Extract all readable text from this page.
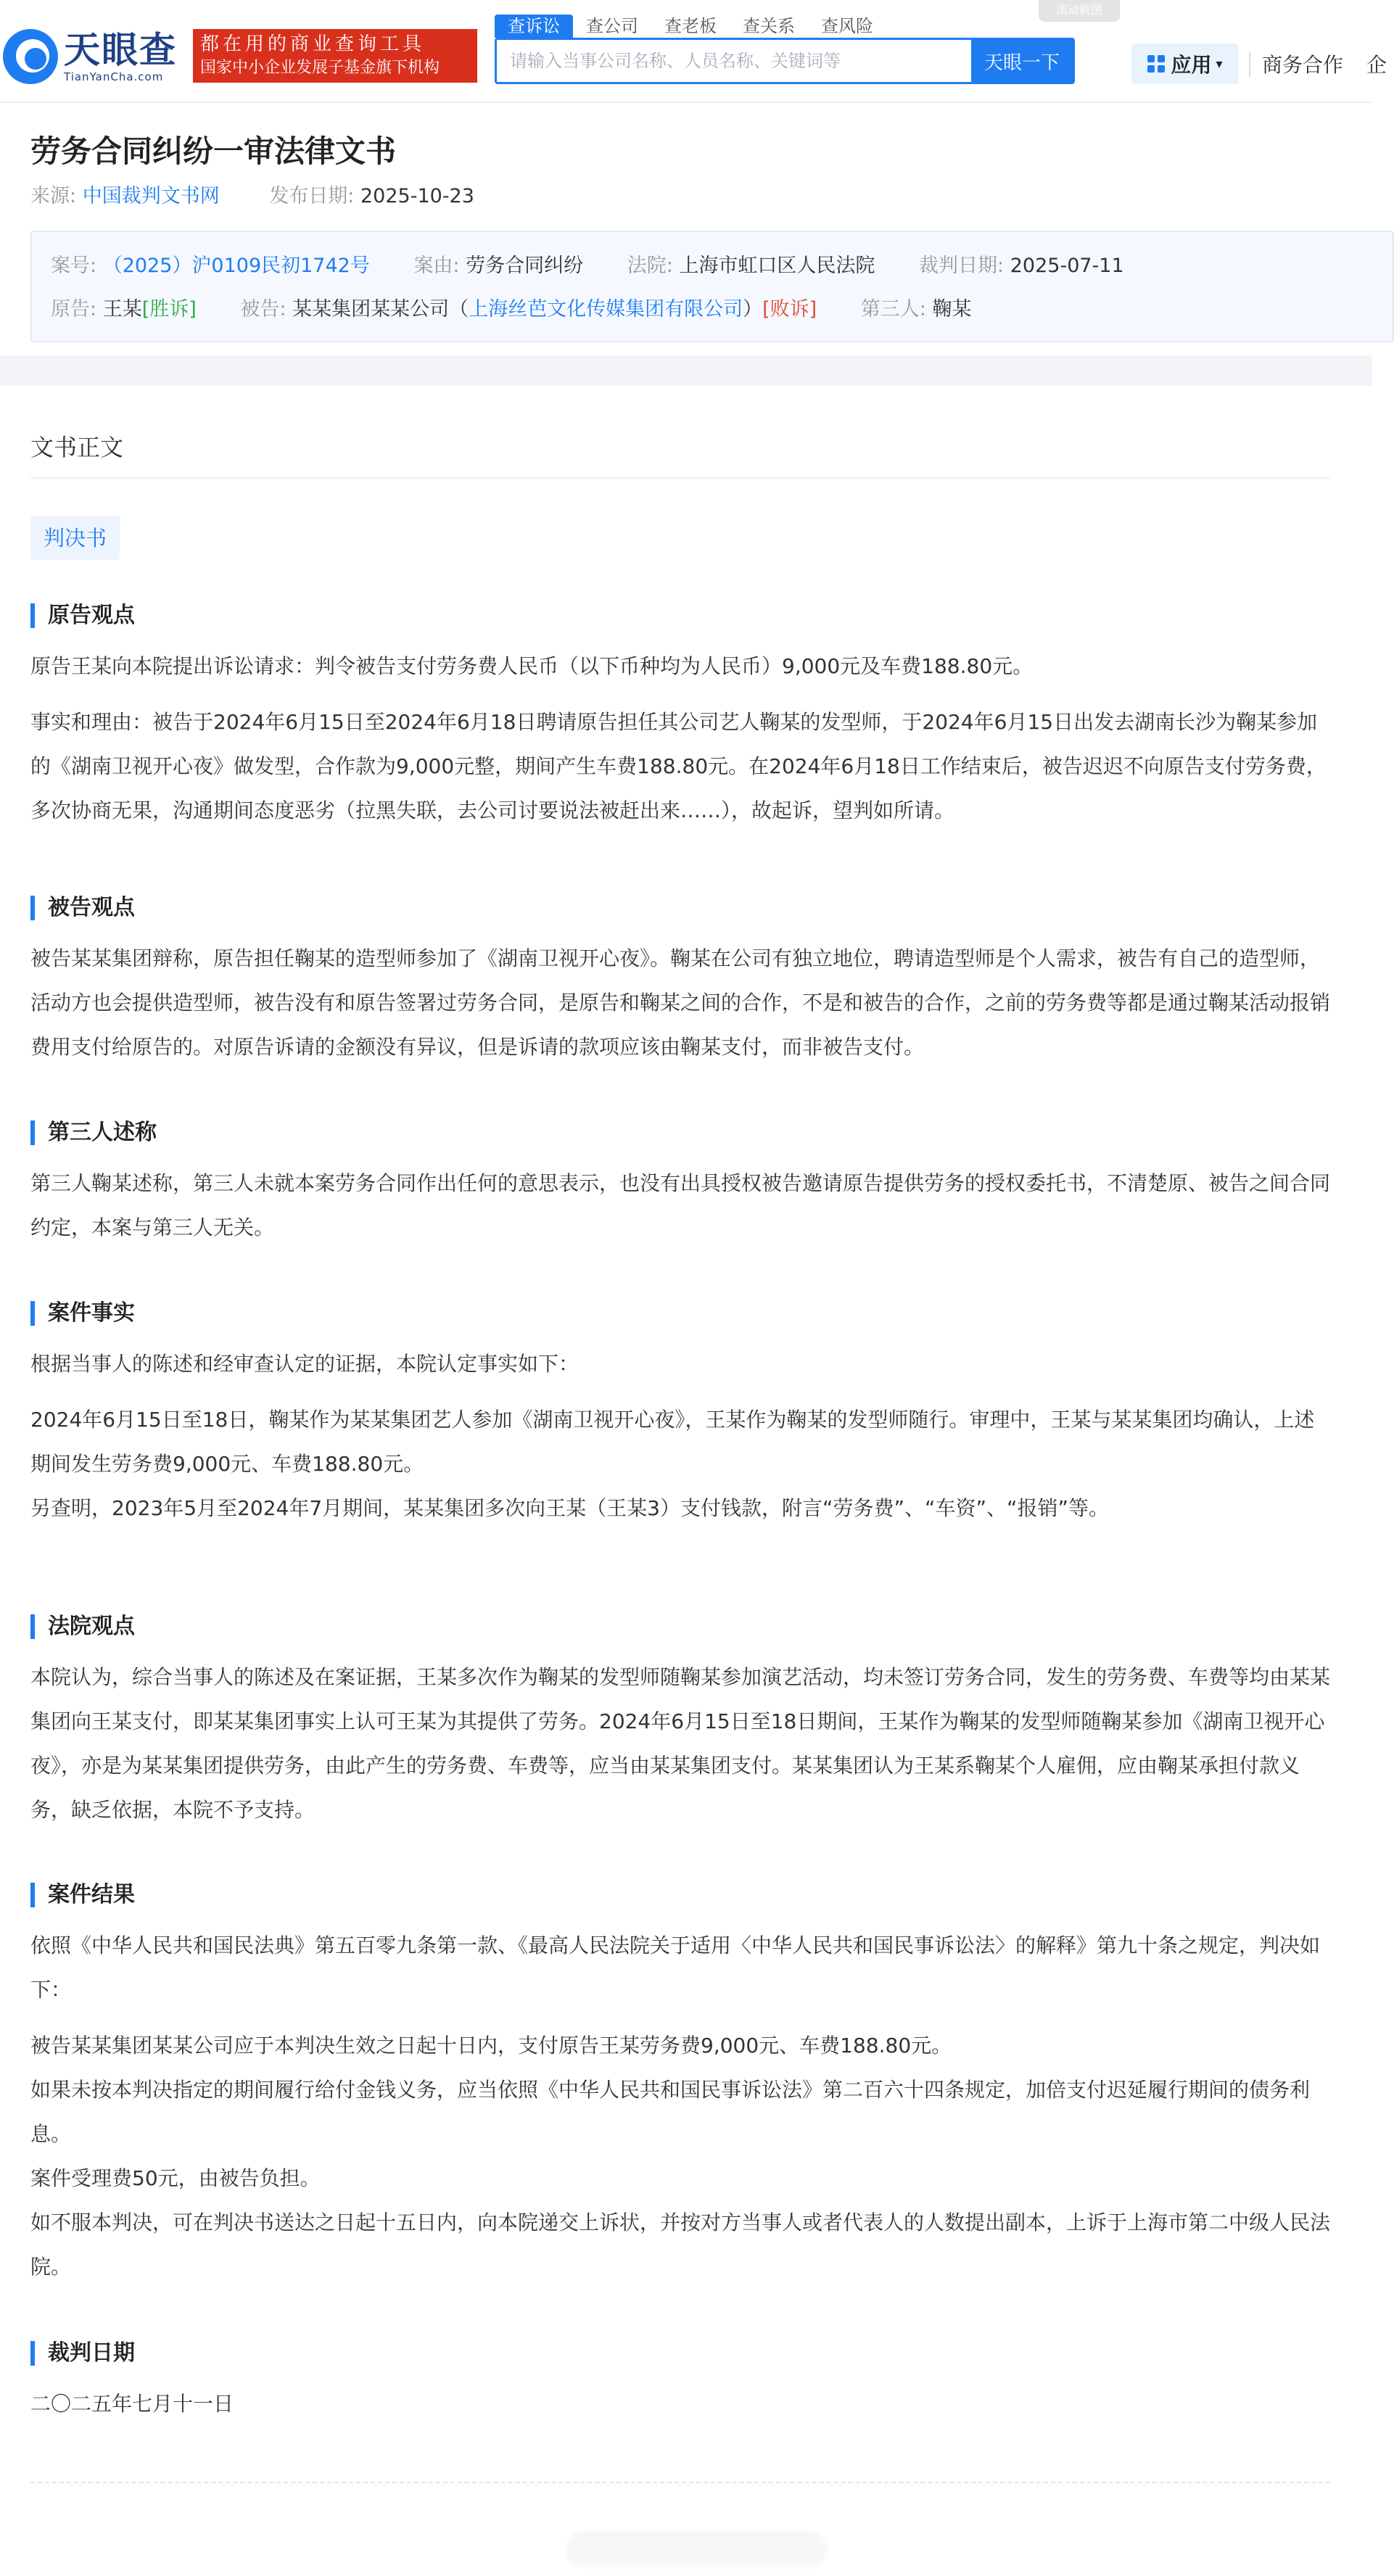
天眼查
TianYanCha.com
都在用的商业查询工具
国家中小企业发展子基金旗下机构
查诉讼	查公司	查老板	查关系	查风险
请输入当事公司名称、人员名称、关键词等
天眼一下
滚动截图
应用 ▾ 商务合作 企
劳务合同纠纷一审法律文书
来源: 中国裁判文书网	发布日期: 2025-10-23
案号: （2025）沪0109民初1742号 案由: 劳务合同纠纷 法院: 上海市虹口区人民法院 裁判日期: 2025-07-11
原告: 王某[胜诉] 被告: 某某集团某某公司（上海丝芭文化传媒集团有限公司）[败诉] 第三人: 鞠某
文书正文
判决书
原告观点

原告王某向本院提出诉讼请求：判令被告支付劳务费人民币（以下币种均为人民币）9,000元及车费188.80元。

事实和理由：被告于2024年6月15日至2024年6月18日聘请原告担任其公司艺人鞠某的发型师，于2024年6月15日出发去湖南长沙为鞠某参加的《湖南卫视开心夜》做发型，合作款为9,000元整，期间产生车费188.80元。在2024年6月18日工作结束后，被告迟迟不向原告支付劳务费，多次协商无果，沟通期间态度恶劣（拉黑失联，去公司讨要说法被赶出来……），故起诉，望判如所请。

被告观点

被告某某集团辩称，原告担任鞠某的造型师参加了《湖南卫视开心夜》。鞠某在公司有独立地位，聘请造型师是个人需求，被告有自己的造型师，活动方也会提供造型师，被告没有和原告签署过劳务合同，是原告和鞠某之间的合作，不是和被告的合作，之前的劳务费等都是通过鞠某活动报销费用支付给原告的。对原告诉请的金额没有异议，但是诉请的款项应该由鞠某支付，而非被告支付。

第三人述称

第三人鞠某述称，第三人未就本案劳务合同作出任何的意思表示，也没有出具授权被告邀请原告提供劳务的授权委托书，不清楚原、被告之间合同约定，本案与第三人无关。

案件事实

根据当事人的陈述和经审查认定的证据，本院认定事实如下：

2024年6月15日至18日，鞠某作为某某集团艺人参加《湖南卫视开心夜》，王某作为鞠某的发型师随行。审理中，王某与某某集团均确认，上述期间发生劳务费9,000元、车费188.80元。

另查明，2023年5月至2024年7月期间，某某集团多次向王某（王某3）支付钱款，附言“劳务费”、“车资”、“报销”等。

法院观点

本院认为，综合当事人的陈述及在案证据，王某多次作为鞠某的发型师随鞠某参加演艺活动，均未签订劳务合同，发生的劳务费、车费等均由某某集团向王某支付，即某某集团事实上认可王某为其提供了劳务。2024年6月15日至18日期间，王某作为鞠某的发型师随鞠某参加《湖南卫视开心夜》，亦是为某某集团提供劳务，由此产生的劳务费、车费等，应当由某某集团支付。某某集团认为王某系鞠某个人雇佣，应由鞠某承担付款义务，缺乏依据，本院不予支持。

案件结果

依照《中华人民共和国民法典》第五百零九条第一款、《最高人民法院关于适用〈中华人民共和国民事诉讼法〉的解释》第九十条之规定，判决如下：

被告某某集团某某公司应于本判决生效之日起十日内，支付原告王某劳务费9,000元、车费188.80元。

如果未按本判决指定的期间履行给付金钱义务，应当依照《中华人民共和国民事诉讼法》第二百六十四条规定，加倍支付迟延履行期间的债务利息。

案件受理费50元，由被告负担。

如不服本判决，可在判决书送达之日起十五日内，向本院递交上诉状，并按对方当事人或者代表人的人数提出副本，上诉于上海市第二中级人民法院。

裁判日期

二〇二五年七月十一日
